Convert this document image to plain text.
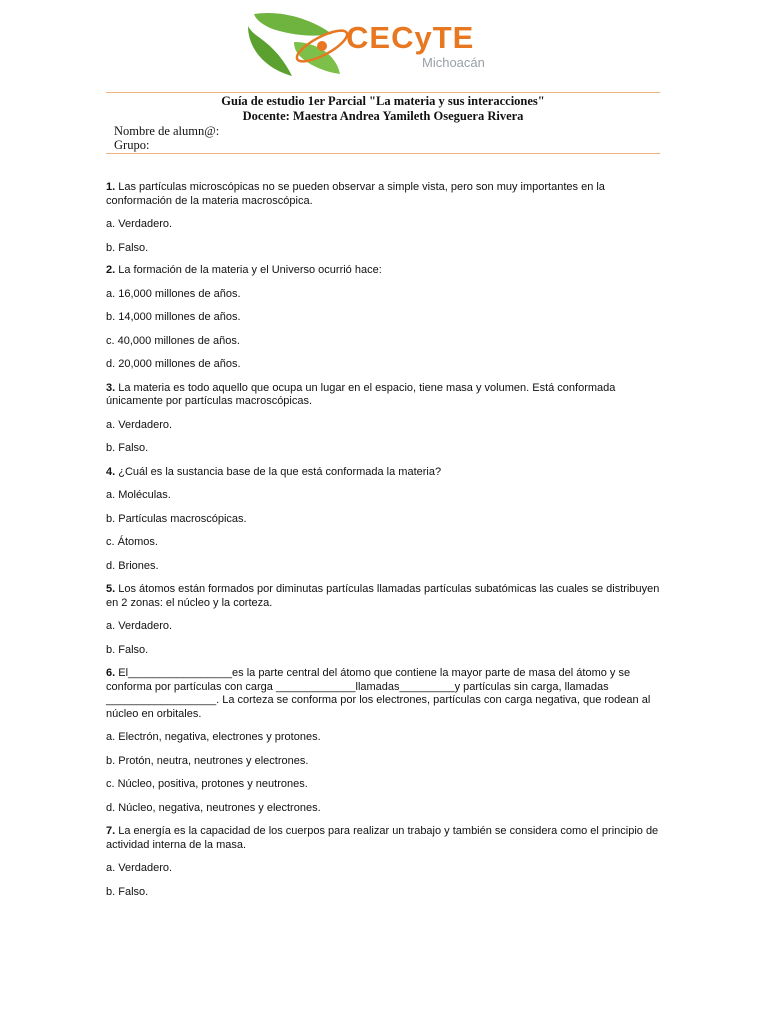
CECyTE
Michoacán
Guía de estudio 1er Parcial "La materia y sus interacciones"
Docente: Maestra Andrea Yamileth Oseguera Rivera
Nombre de alumn@:
Grupo:
1. Las partículas microscópicas no se pueden observar a simple vista, pero son muy importantes en la conformación de la materia macroscópica.
a. Verdadero.
b. Falso.
2. La formación de la materia y el Universo ocurrió hace:
a. 16,000 millones de años.
b. 14,000 millones de años.
c. 40,000 millones de años.
d. 20,000 millones de años.
3. La materia es todo aquello que ocupa un lugar en el espacio, tiene masa y volumen. Está conformada únicamente por partículas macroscópicas.
a. Verdadero.
b. Falso.
4. ¿Cuál es la sustancia base de la que está conformada la materia?
a. Moléculas.
b. Partículas macroscópicas.
c. Átomos.
d. Briones.
5. Los átomos están formados por diminutas partículas llamadas partículas subatómicas las cuales se distribuyen en 2 zonas: el núcleo y la corteza.
a. Verdadero.
b. Falso.
6. El_________________es la parte central del átomo que contiene la mayor parte de masa del átomo y se conforma por partículas con carga _____________llamadas_________y partículas sin carga, llamadas __________________. La corteza se conforma por los electrones, partículas con carga negativa, que rodean al núcleo en orbitales.
a. Electrón, negativa, electrones y protones.
b. Protón, neutra, neutrones y electrones.
c. Núcleo, positiva, protones y neutrones.
d. Núcleo, negativa, neutrones y electrones.
7. La energía es la capacidad de los cuerpos para realizar un trabajo y también se considera como el principio de actividad interna de la masa.
a. Verdadero.
b. Falso.
